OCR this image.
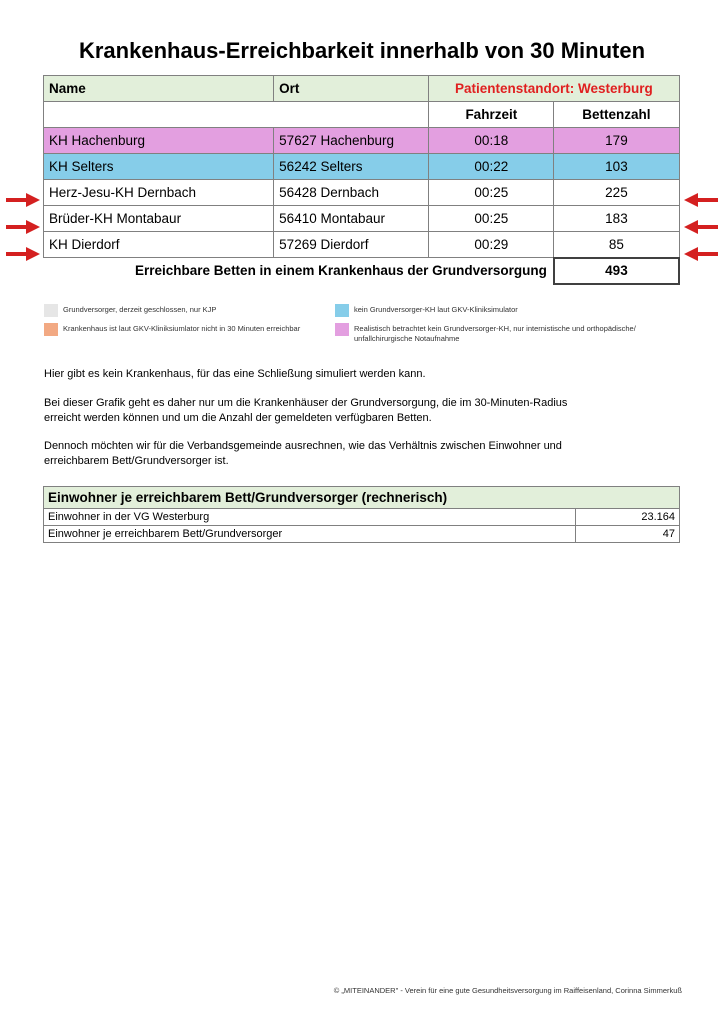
Krankenhaus-Erreichbarkeit innerhalb von 30 Minuten
Name	Ort	Patientenstandort: Westerburg	
		Fahrzeit	Bettenzahl
KH Hachenburg	57627 Hachenburg	00:18	179
KH Selters	56242 Selters	00:22	103
Herz-Jesu-KH Dernbach	56428 Dernbach	00:25	225
Brüder-KH Montabaur	56410 Montabaur	00:25	183
KH Dierdorf	57269 Dierdorf	00:29	85
Erreichbare Betten in einem Krankenhaus der Grundversorgung			493
Grundversorger, derzeit geschlossen, nur KJP	kein Grundversorger-KH laut GKV-Kliniksimulator
Krankenhaus ist laut GKV-Kliniksiumlator nicht in 30 Minuten erreichbar	Realistisch betrachtet kein Grundversorger-KH, nur internistische und orthopädische/
unfallchirurgische Notaufnahme
Hier gibt es kein Krankenhaus, für das eine Schließung simuliert werden kann.
Bei dieser Grafik geht es daher nur um die Krankenhäuser der Grundversorgung, die im 30-Minuten-Radius
erreicht werden können und um die Anzahl der gemeldeten verfügbaren Betten.
Dennoch möchten wir für die Verbandsgemeinde ausrechnen, wie das Verhältnis zwischen Einwohner und
erreichbarem Bett/Grundversorger ist.
Einwohner je erreichbarem Bett/Grundversorger (rechnerisch)	
Einwohner in der VG Westerburg	23.164
Einwohner je erreichbarem Bett/Grundversorger	47
© „MITEINANDER" - Verein für eine gute Gesundheitsversorgung im Raiffeisenland, Corinna Simmerkuß
